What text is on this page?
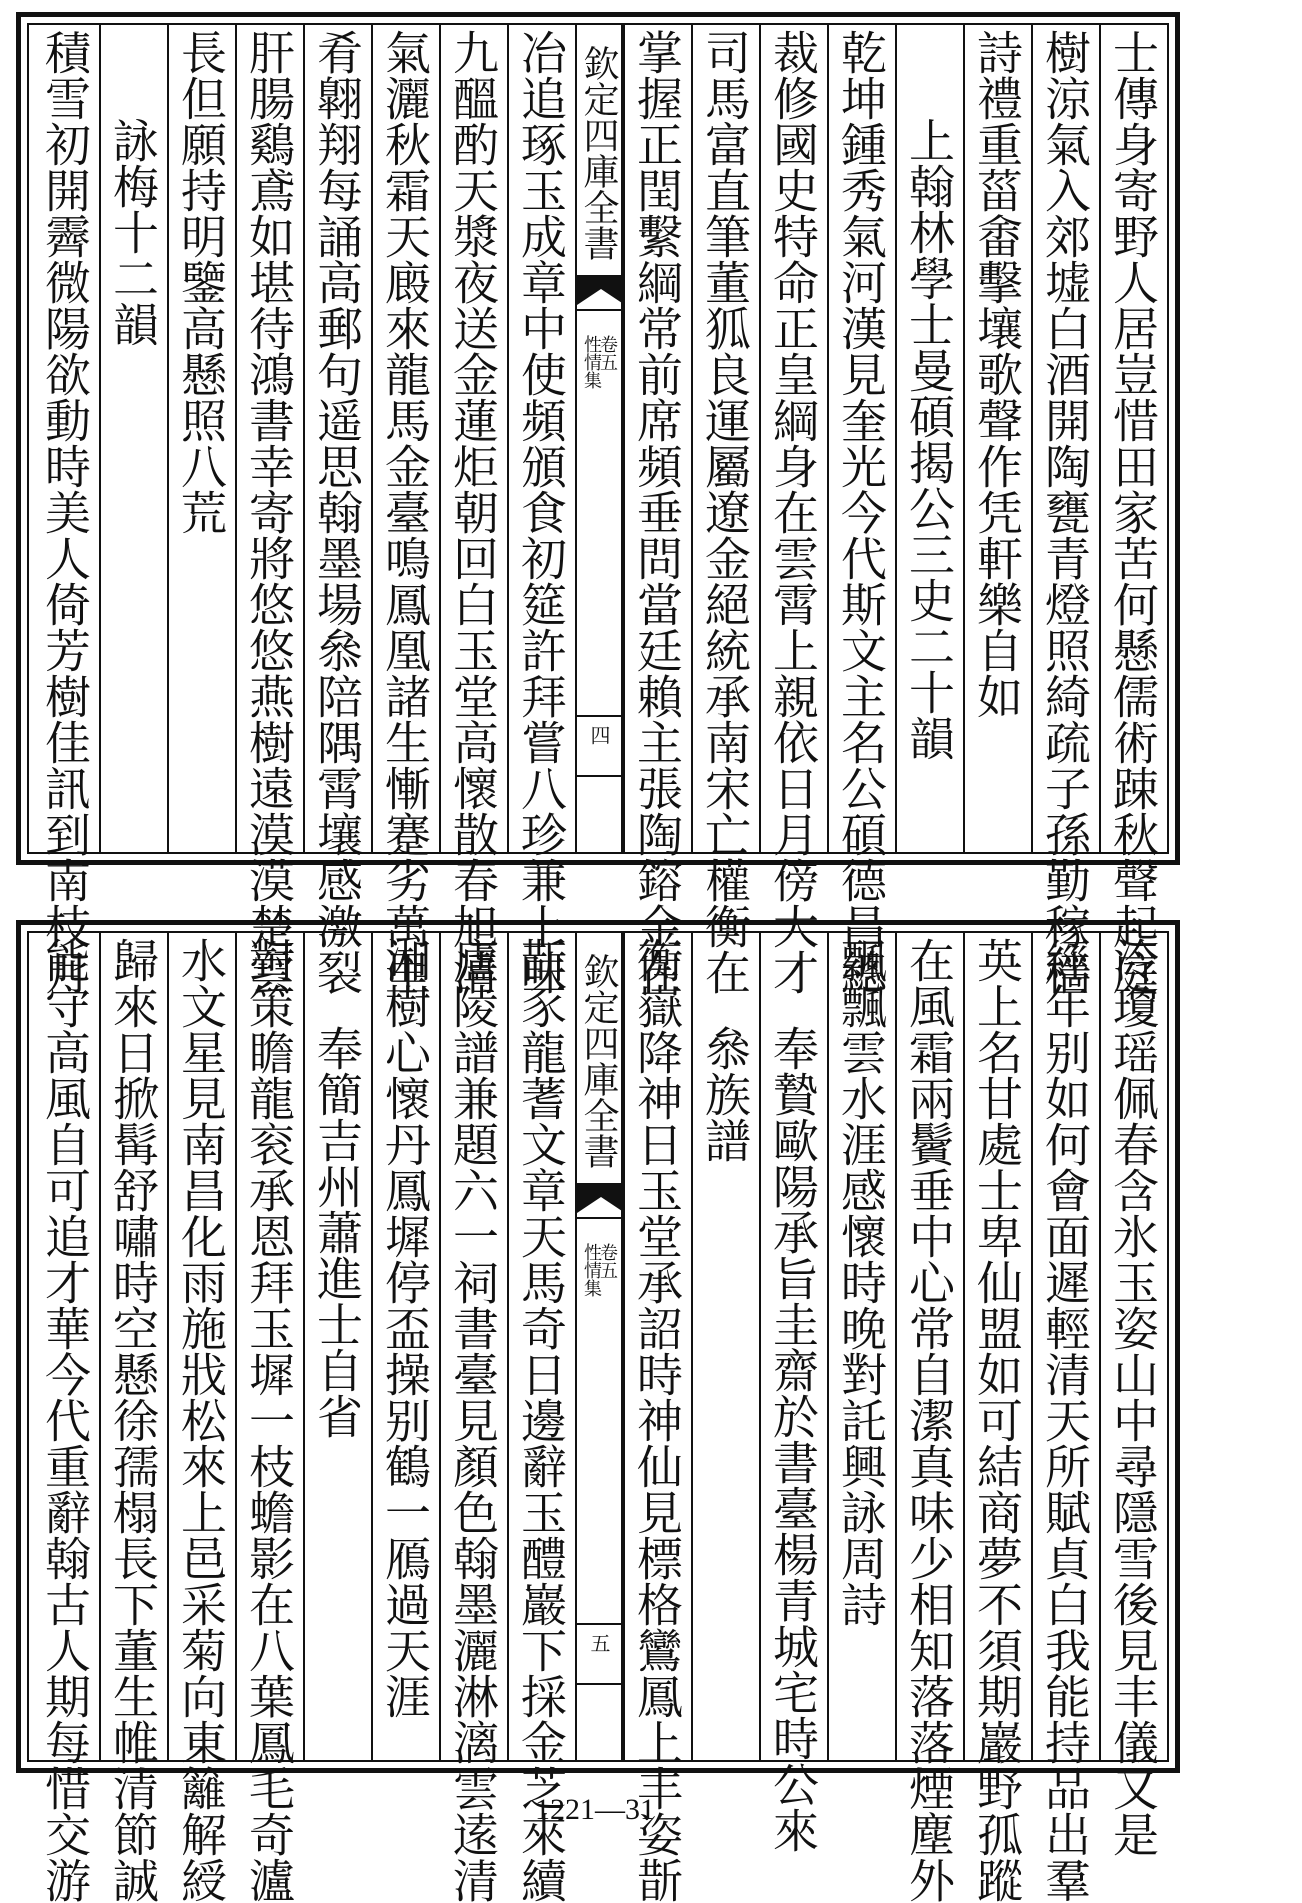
士傳身寄野人居豈惜田家苦何懸儒術踈秋聲起庭
樹涼氣入郊墟白酒開陶甕青燈照綺疏子孫勤稼穡
詩禮重菑畬擊壤歌聲作凭軒樂自如
上翰林學士曼碩揭公三史二十韻
乾坤鍾秀氣河漢見奎光今代斯文主名公碩德昌總
裁修國史特命正皇綱身在雲霄上親依日月傍大才
司馬富直筆董狐良運屬遼金絕統承南宋亡權衡在
掌握正閏繫綱常前席頻垂問當廷賴主張陶鎔金在
欽定四庫全書
性情集
卷五
四
冶追琢玉成章中使頻頒食初筵許拜嘗八珍兼上味
九醞酌天漿夜送金蓮炬朝回白玉堂高懷散春旭清
氣灑秋霜天廄來龍馬金臺鳴鳳凰諸生慚蹇劣萬里
肴翺翔每誦高郵句遥思翰墨場叅陪隅霄壤感激裂
肝腸鷄鳶如堪待鴻書幸寄將悠悠燕樹遠漠漠楚雲
長但願持明鑒高懸照八荒
詠梅十二韻
積雪初開霽微陽欲動時美人倚芳樹佳訊到南枝月
泠瓊瑶佩春含氷玉姿山中尋隱雪後見丰儀又是
經年别如何會面遲輕清天所賦貞白我能持品出羣
英上名甘處士卑仙盟如可結商夢不須期巖野孤蹤
在風霜兩鬢垂中心常自潔真味少相知落落煙塵外
飄飄雲水涯感懷時晚對託興詠周詩
奉贄歐陽承旨圭齋於書臺楊青城宅時公來
叅族譜
衡嶽降神日玉堂承詔時神仙見標格鸞鳳上丰姿斮
欽定四庫全書
性情集
卷五
五
斮豕龍蓍文章天馬奇日邊辭玉醴巖下採金芝來續
廬陵譜兼題六一祠書臺見顏色翰墨灑淋漓雲逺清
湘樹心懷丹鳳墀停盃操别鶴一鴈過天涯
奉簡吉州蕭進士自省
對策瞻龍衮承恩拜玉墀一枝蟾影在八葉鳳毛奇瀘
水文星見南昌化雨施戕松來上邑采菊向東籬解綬
歸來日掀髯舒嘯時空懸徐孺榻長下董生帷清節誠
能守高風自可追才華今代重辭翰古人期每惜交游	1221—31
